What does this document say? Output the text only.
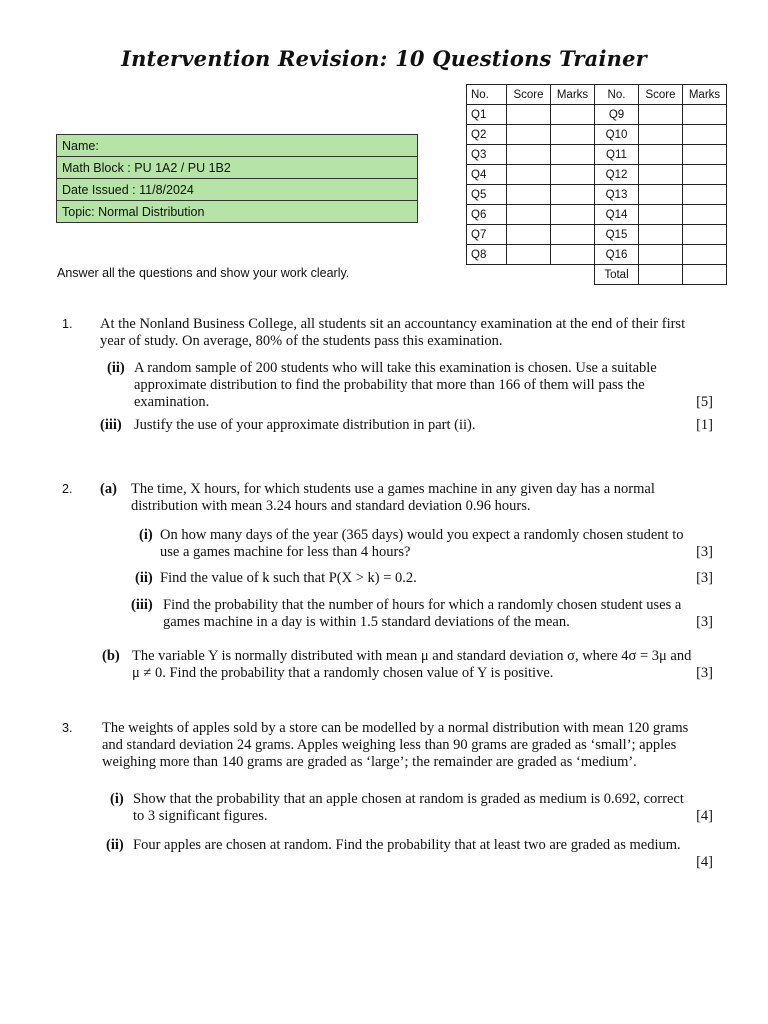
Intervention Revision: 10 Questions Trainer
No.	Score	Marks	No.	Score	Marks
Q1			Q9		
Q2			Q10		
Q3			Q11		
Q4			Q12		
Q5			Q13		
Q6			Q14		
Q7			Q15		
Q8			Q16		
			Total		
Name:
Math Block : PU 1A2 / PU 1B2
Date Issued : 11/8/2024
Topic: Normal Distribution

Answer all the questions and show your work clearly.

1. At the Nonland Business College, all students sit an accountancy examination at the end of their first
year of study. On average, 80% of the students pass this examination.
(ii) A random sample of 200 students who will take this examination is chosen. Use a suitable
approximate distribution to find the probability that more than 166 of them will pass the
examination.	[5]
(iii) Justify the use of your approximate distribution in part (ii).	[1]
2. (a) The time, X hours, for which students use a games machine in any given day has a normal
distribution with mean 3.24 hours and standard deviation 0.96 hours.
(i) On how many days of the year (365 days) would you expect a randomly chosen student to
use a games machine for less than 4 hours?	[3]
(ii) Find the value of k such that P(X > k) = 0.2.	[3]
(iii) Find the probability that the number of hours for which a randomly chosen student uses a
games machine in a day is within 1.5 standard deviations of the mean.	[3]
(b) The variable Y is normally distributed with mean μ and standard deviation σ, where 4σ = 3μ and
μ ≠ 0. Find the probability that a randomly chosen value of Y is positive.	[3]
3. The weights of apples sold by a store can be modelled by a normal distribution with mean 120 grams
and standard deviation 24 grams. Apples weighing less than 90 grams are graded as ‘small’; apples
weighing more than 140 grams are graded as ‘large’; the remainder are graded as ‘medium’.
(i) Show that the probability that an apple chosen at random is graded as medium is 0.692, correct
to 3 significant figures.	[4]
(ii) Four apples are chosen at random. Find the probability that at least two are graded as medium.
[4]
